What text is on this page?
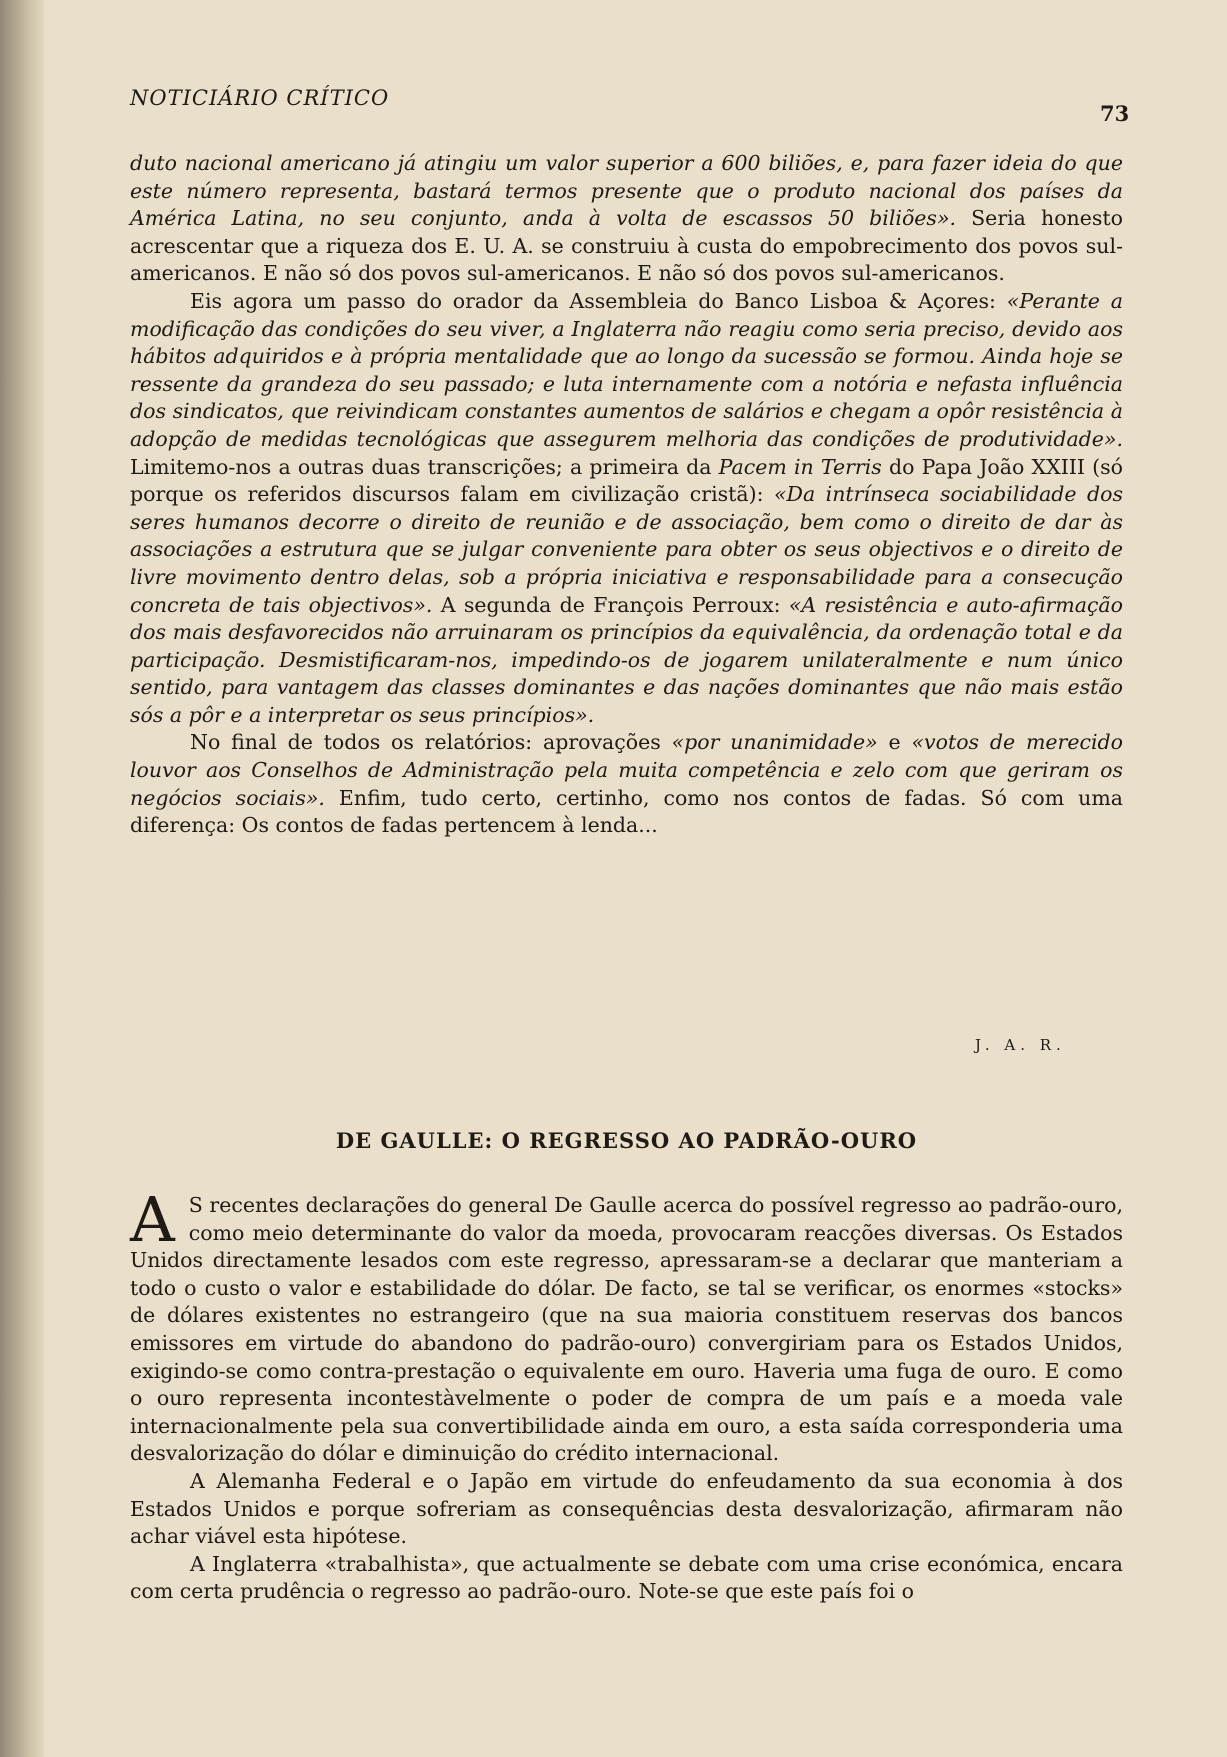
NOTICIÁRIO CRÍTICO
73

duto nacional americano já atingiu um valor superior a 600 biliões, e, para fazer ideia do que este número representa, bastará termos presente que o produto nacional dos países da América Latina, no seu conjunto, anda à volta de escassos 50 biliões». Seria honesto acrescentar que a riqueza dos E. U. A. se construiu à custa do empobrecimento dos povos sul-americanos. E não só dos povos sul-americanos. E não só dos povos sul-americanos.

Eis agora um passo do orador da Assembleia do Banco Lisboa & Açores: «Perante a modificação das condições do seu viver, a Inglaterra não reagiu como seria preciso, devido aos hábitos adquiridos e à própria mentalidade que ao longo da sucessão se formou. Ainda hoje se ressente da grandeza do seu passado; e luta internamente com a notória e nefasta influência dos sindicatos, que reivindicam constantes aumentos de salários e chegam a opôr resistência à adopção de medidas tecnológicas que assegurem melhoria das condições de produtividade». Limitemo-nos a outras duas transcrições; a primeira da Pacem in Terris do Papa João XXIII (só porque os referidos discursos falam em civilização cristã): «Da intrínseca sociabilidade dos seres humanos decorre o direito de reunião e de associação, bem como o direito de dar às associações a estrutura que se julgar conveniente para obter os seus objectivos e o direito de livre movimento dentro delas, sob a própria iniciativa e responsabilidade para a consecução concreta de tais objectivos». A segunda de François Perroux: «A resistência e auto-afirmação dos mais desfavorecidos não arruinaram os princípios da equivalência, da ordenação total e da participação. Desmistificaram-nos, impedindo-os de jogarem unilateralmente e num único sentido, para vantagem das classes dominantes e das nações dominantes que não mais estão sós a pôr e a interpretar os seus princípios».

No final de todos os relatórios: aprovações «por unanimidade» e «votos de merecido louvor aos Conselhos de Administração pela muita competência e zelo com que geriram os negócios sociais». Enfim, tudo certo, certinho, como nos contos de fadas. Só com uma diferença: Os contos de fadas pertencem à lenda...

J. A. R.
DE GAULLE: O REGRESSO AO PADRÃO-OURO

A S recentes declarações do general De Gaulle acerca do possível regresso ao padrão-ouro, como meio determinante do valor da moeda, provocaram reacções diversas. Os Estados Unidos directamente lesados com este regresso, apressaram-se a declarar que manteriam a todo o custo o valor e estabilidade do dólar. De facto, se tal se verificar, os enormes «stocks» de dólares existentes no estrangeiro (que na sua maioria constituem reservas dos bancos emissores em virtude do abandono do padrão-ouro) convergiriam para os Estados Unidos, exigindo-se como contra-prestação o equivalente em ouro. Haveria uma fuga de ouro. E como o ouro representa incontestàvelmente o poder de compra de um país e a moeda vale internacionalmente pela sua convertibilidade ainda em ouro, a esta saída corresponderia uma desvalorização do dólar e diminuição do crédito internacional.

A Alemanha Federal e o Japão em virtude do enfeudamento da sua economia à dos Estados Unidos e porque sofreriam as consequências desta desvalorização, afirmaram não achar viável esta hipótese.

A Inglaterra «trabalhista», que actualmente se debate com uma crise económica, encara com certa prudência o regresso ao padrão-ouro. Note-se que este país foi o
